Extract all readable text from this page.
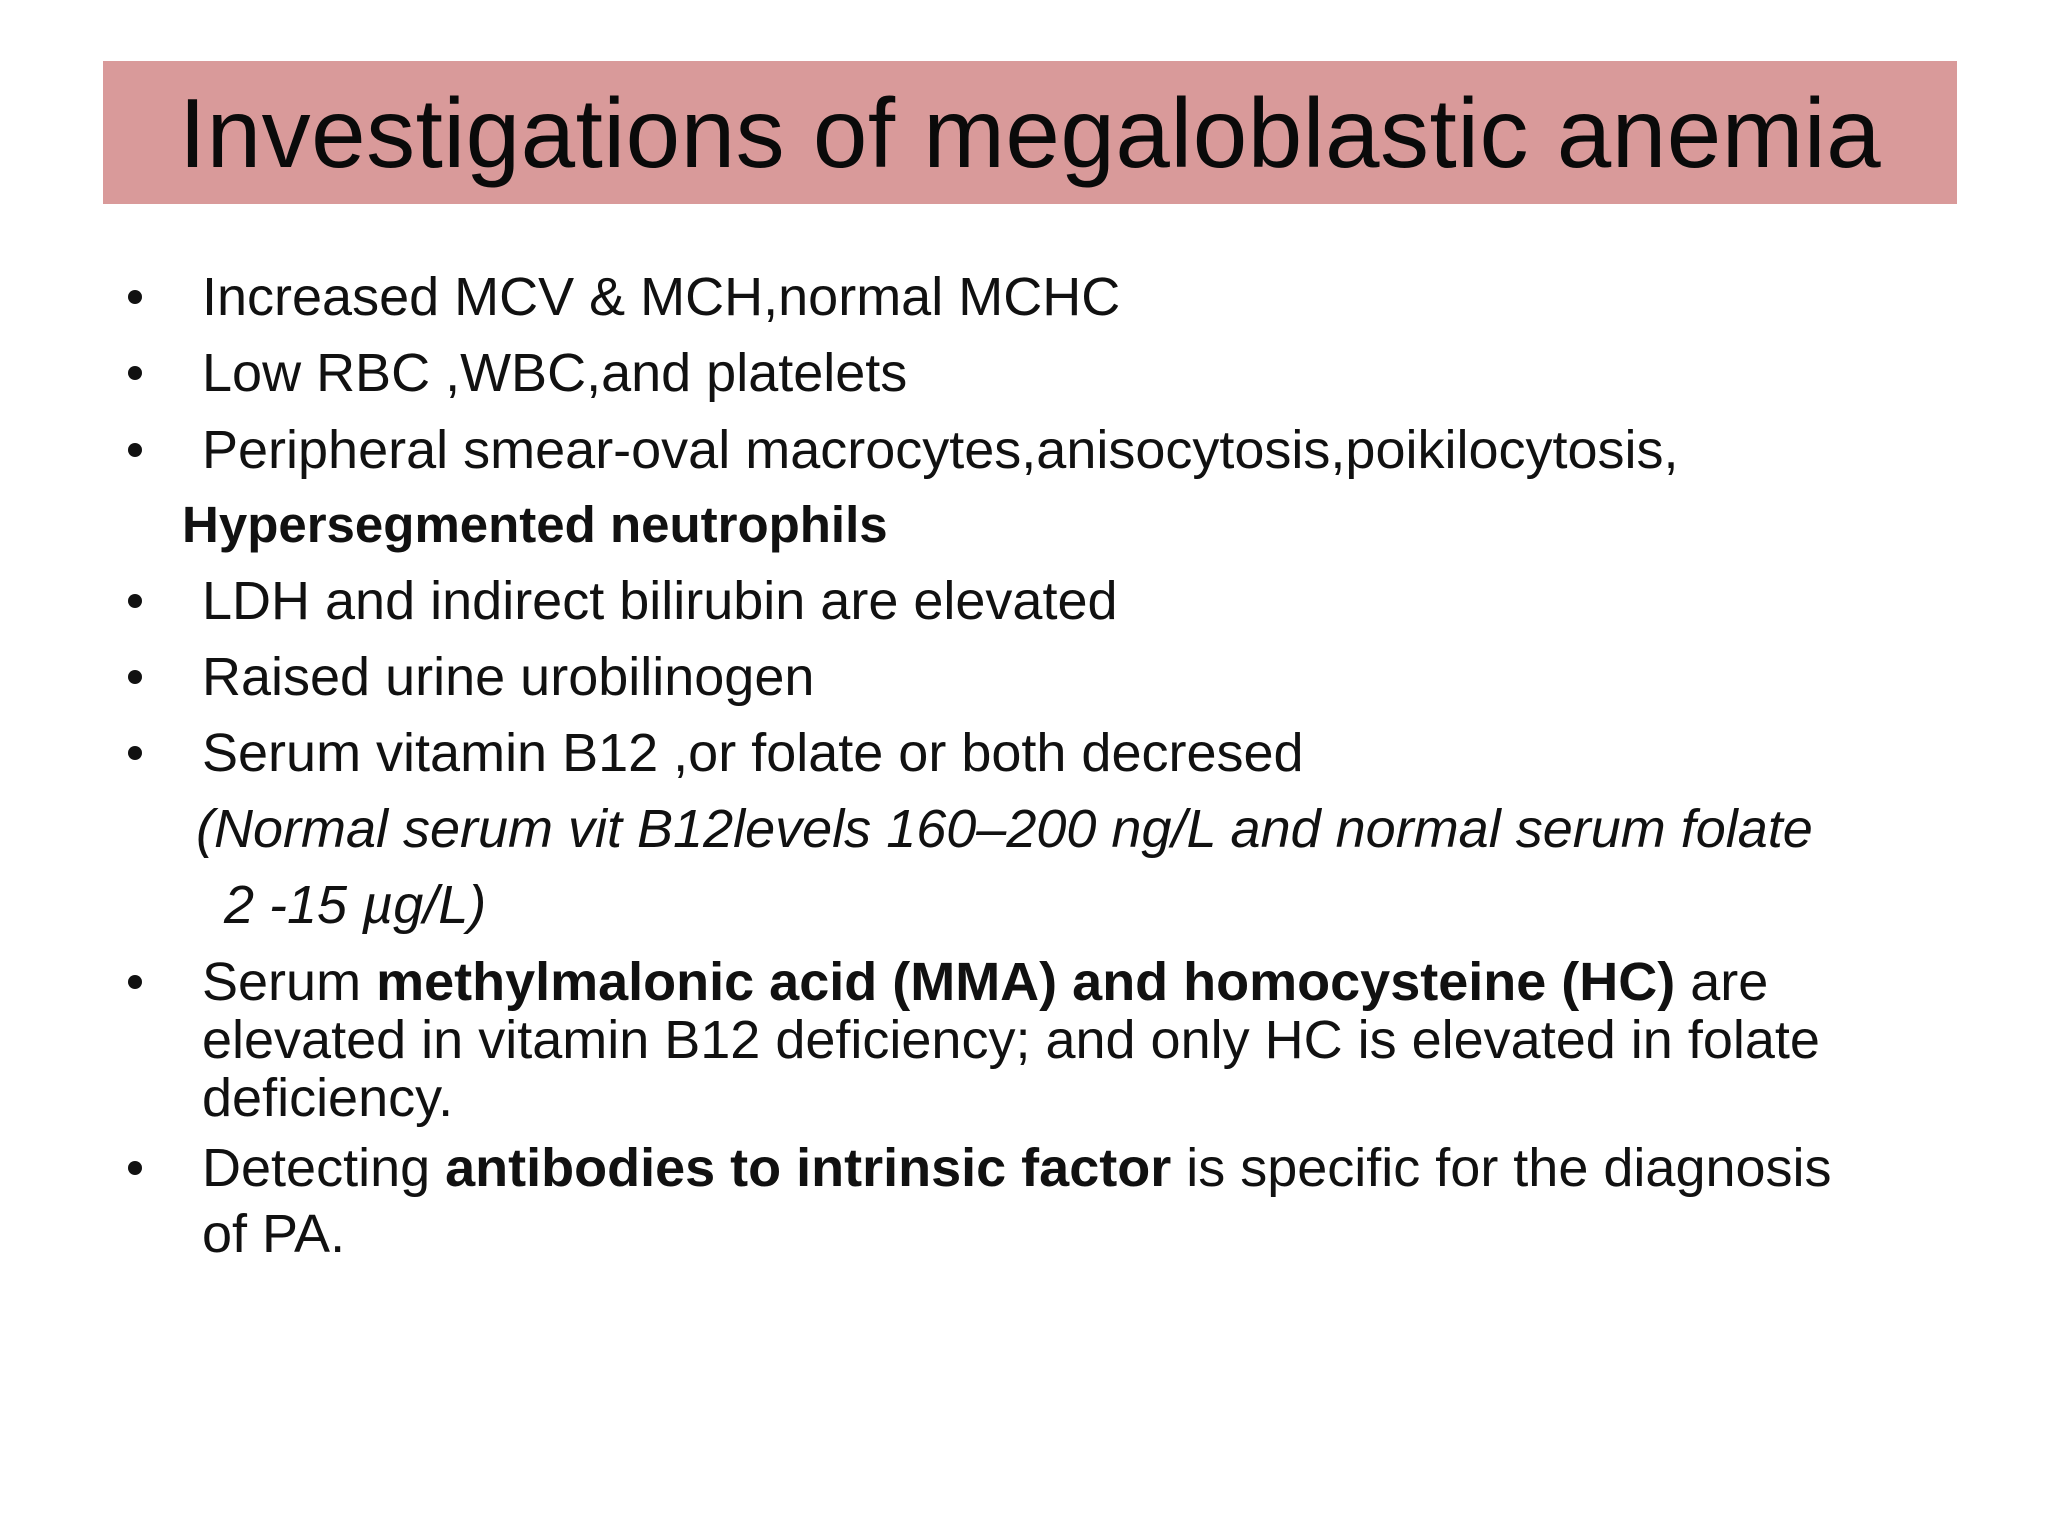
Investigations of megaloblastic anemia
Increased MCV & MCH,normal MCHC
Low RBC ,WBC,and platelets
Peripheral smear-oval macrocytes,anisocytosis,poikilocytosis,
Hypersegmented neutrophils
LDH and indirect bilirubin are elevated
Raised urine urobilinogen
Serum vitamin B12 ,or folate or both decresed
(Normal serum vit B12levels 160–200 ng/L and normal serum folate
2 -15 µg/L)
Serum methylmalonic acid (MMA) and homocysteine (HC) are
elevated in vitamin B12 deficiency; and only HC is elevated in folate
deficiency.
Detecting antibodies to intrinsic factor is specific for the diagnosis
of PA.
